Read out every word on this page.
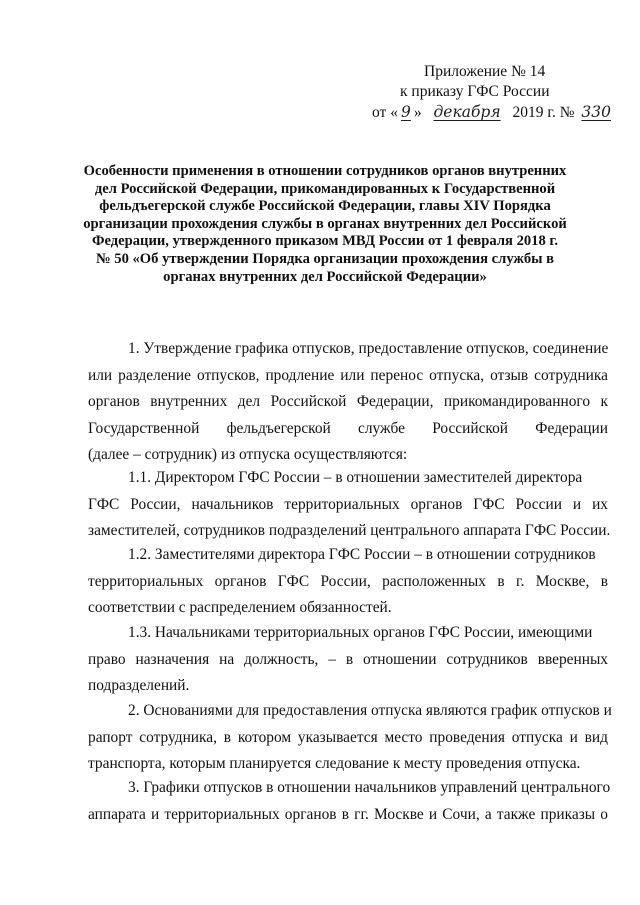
Приложение № 14
к приказу ГФС России
от « 9 » декабря 2019 г. № 330
Особенности применения в отношении сотрудников органов внутренних
дел Российской Федерации, прикомандированных к Государственной
фельдъегерской службе Российской Федерации, главы XIV Порядка
организации прохождения службы в органах внутренних дел Российской
Федерации, утвержденного приказом МВД России от 1 февраля 2018 г.
№ 50 «Об утверждении Порядка организации прохождения службы в
органах внутренних дел Российской Федерации»
1. Утверждение графика отпусков, предоставление отпусков, соединение
или разделение отпусков, продление или перенос отпуска, отзыв сотрудника
органов внутренних дел Российской Федерации, прикомандированного к
Государственной фельдъегерской службе Российской Федерации
(далее – сотрудник) из отпуска осуществляются:
1.1. Директором ГФС России – в отношении заместителей директора
ГФС России, начальников территориальных органов ГФС России и их
заместителей, сотрудников подразделений центрального аппарата ГФС России.
1.2. Заместителями директора ГФС России – в отношении сотрудников
территориальных органов ГФС России, расположенных в г. Москве, в
соответствии с распределением обязанностей.
1.3. Начальниками территориальных органов ГФС России, имеющими
право назначения на должность, – в отношении сотрудников вверенных
подразделений.
2. Основаниями для предоставления отпуска являются график отпусков и
рапорт сотрудника, в котором указывается место проведения отпуска и вид
транспорта, которым планируется следование к месту проведения отпуска.
3. Графики отпусков в отношении начальников управлений центрального
аппарата и территориальных органов в гг. Москве и Сочи, а также приказы о
